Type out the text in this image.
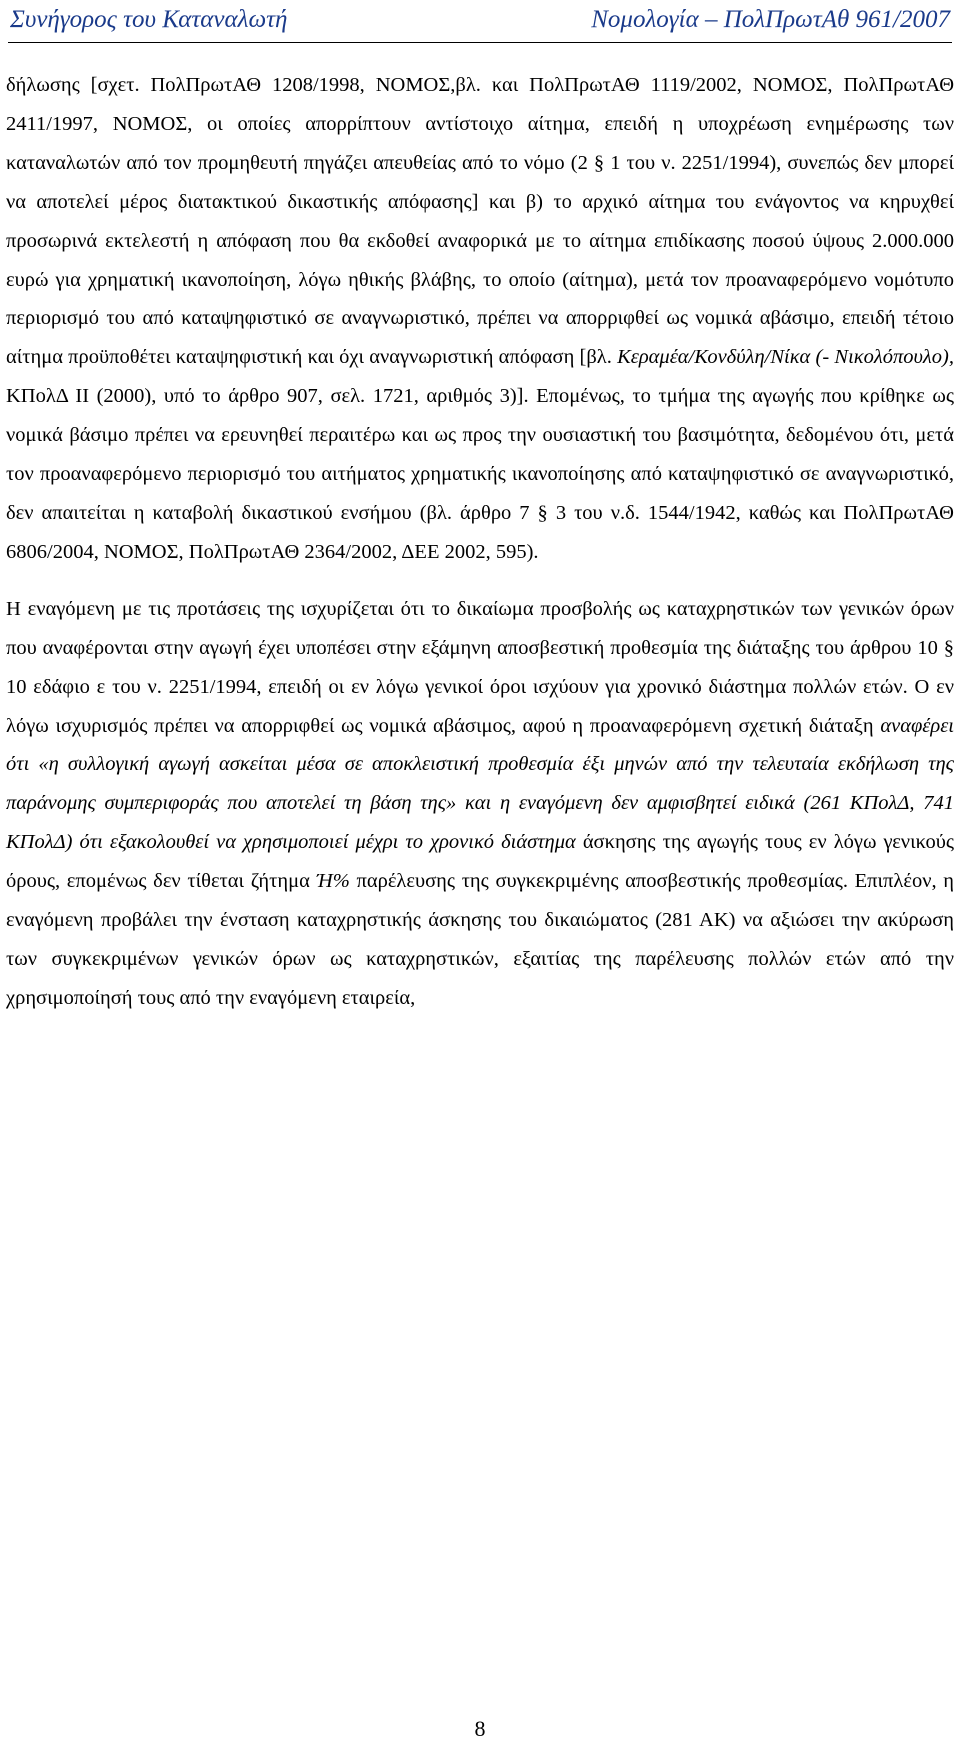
Συνήγορος του Καταναλωτή	Νομολογία – ΠολΠρωτΑθ 961/2007

δήλωσης [σχετ. ΠολΠρωτΑΘ 1208/1998, ΝΟΜΟΣ,βλ. και ΠολΠρωτΑΘ 1119/2002, ΝΟΜΟΣ, ΠολΠρωτΑΘ 2411/1997, ΝΟΜΟΣ, οι οποίες απορρίπτουν αντίστοιχο αίτημα, επειδή η υποχρέωση ενημέρωσης των καταναλωτών από τον προμηθευτή πηγάζει απευθείας από το νόμο (2 § 1 του ν. 2251/1994), συνεπώς δεν μπορεί να αποτελεί μέρος διατακτικού δικαστικής απόφασης] και β) το αρχικό αίτημα του ενάγοντος να κηρυχθεί προσωρινά εκτελεστή η απόφαση που θα εκδοθεί αναφορικά με το αίτημα επιδίκασης ποσού ύψους 2.000.000 ευρώ για χρηματική ικανοποίηση, λόγω ηθικής βλάβης, το οποίο (αίτημα), μετά τον προαναφερόμενο νομότυπο περιορισμό του από καταψηφιστικό σε αναγνωριστικό, πρέπει να απορριφθεί ως νομικά αβάσιμο, επειδή τέτοιο αίτημα προϋποθέτει καταψηφιστική και όχι αναγνωριστική απόφαση [βλ. Κεραμέα/Κονδύλη/Νίκα (- Νικολόπουλο), ΚΠολΔ ΙΙ (2000), υπό το άρθρο 907, σελ. 1721, αριθμός 3)]. Επομένως, το τμήμα της αγωγής που κρίθηκε ως νομικά βάσιμο πρέπει να ερευνηθεί περαιτέρω και ως προς την ουσιαστική του βασιμότητα, δεδομένου ότι, μετά τον προαναφερόμενο περιορισμό του αιτήματος χρηματικής ικανοποίησης από καταψηφιστικό σε αναγνωριστικό, δεν απαιτείται η καταβολή δικαστικού ενσήμου (βλ. άρθρο 7 § 3 του ν.δ. 1544/1942, καθώς και ΠολΠρωτΑΘ 6806/2004, ΝΟΜΟΣ, ΠολΠρωτΑΘ 2364/2002, ΔΕΕ 2002, 595).

Η εναγόμενη με τις προτάσεις της ισχυρίζεται ότι το δικαίωμα προσβολής ως καταχρηστικών των γενικών όρων που αναφέρονται στην αγωγή έχει υποπέσει στην εξάμηνη αποσβεστική προθεσμία της διάταξης του άρθρου 10 § 10 εδάφιο ε του ν. 2251/1994, επειδή οι εν λόγω γενικοί όροι ισχύουν για χρονικό διάστημα πολλών ετών. Ο εν λόγω ισχυρισμός πρέπει να απορριφθεί ως νομικά αβάσιμος, αφού η προαναφερόμενη σχετική διάταξη αναφέρει ότι «η συλλογική αγωγή ασκείται μέσα σε αποκλειστική προθεσμία έξι μηνών από την τελευταία εκδήλωση της παράνομης συμπεριφοράς που αποτελεί τη βάση της» και η εναγόμενη δεν αμφισβητεί ειδικά (261 ΚΠολΔ, 741 ΚΠολΔ) ότι εξακολουθεί να χρησιμοποιεί μέχρι το χρονικό διάστημα άσκησης της αγωγής τους εν λόγω γενικούς όρους, επομένως δεν τίθεται ζήτημα Ή% παρέλευσης της συγκεκριμένης αποσβεστικής προθεσμίας. Επιπλέον, η εναγόμενη προβάλει την ένσταση καταχρηστικής άσκησης του δικαιώματος (281 ΑΚ) να αξιώσει την ακύρωση των συγκεκριμένων γενικών όρων ως καταχρηστικών, εξαιτίας της παρέλευσης πολλών ετών από την χρησιμοποίησή τους από την εναγόμενη εταιρεία,

8
